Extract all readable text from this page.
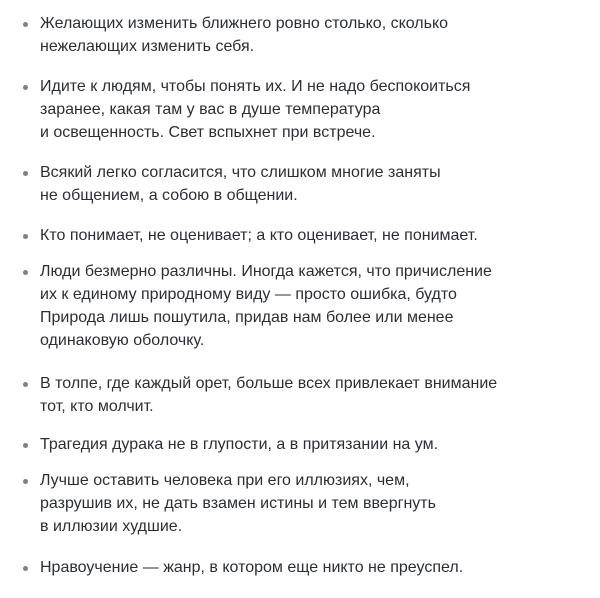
Желающих изменить ближнего ровно столько, сколько
нежелающих изменить себя.
Идите к людям, чтобы понять их. И не надо беспокоиться
заранее, какая там у вас в душе температура
и освещенность. Свет вспыхнет при встрече.
Всякий легко согласится, что слишком многие заняты
не общением, а собою в общении.
Кто понимает, не оценивает; а кто оценивает, не понимает.
Люди безмерно различны. Иногда кажется, что причисление
их к единому природному виду — просто ошибка, будто
Природа лишь пошутила, придав нам более или менее
одинаковую оболочку.
В толпе, где каждый орет, больше всех привлекает внимание
тот, кто молчит.
Трагедия дурака не в глупости, а в притязании на ум.
Лучше оставить человека при его иллюзиях, чем,
разрушив их, не дать взамен истины и тем ввергнуть
в иллюзии худшие.
Нравоучение — жанр, в котором еще никто не преуспел.
